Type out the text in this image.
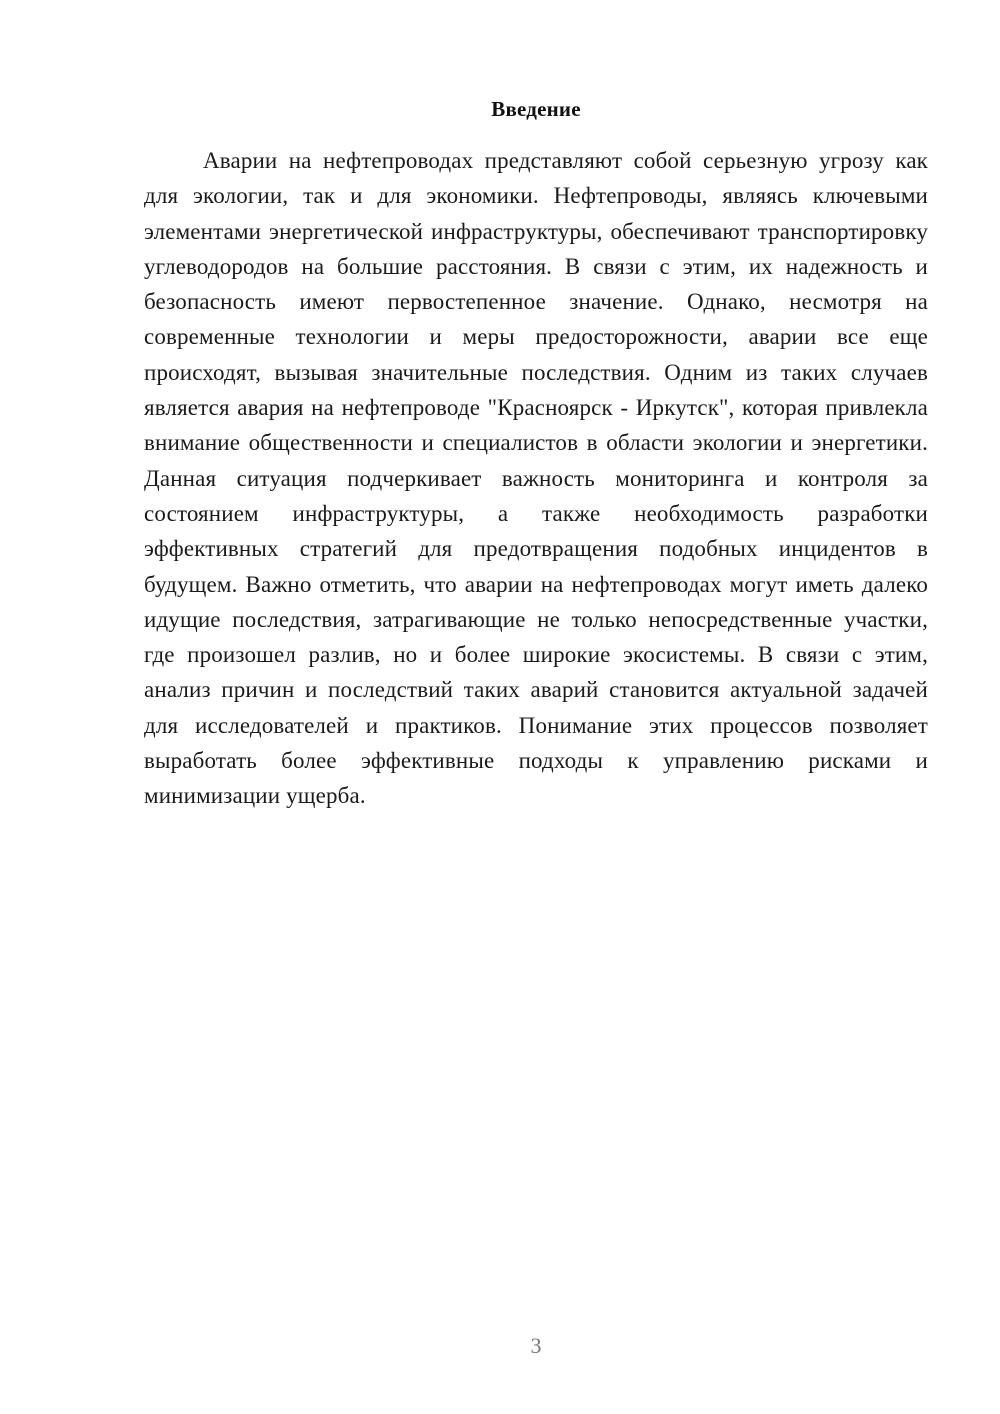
Введение

Аварии на нефтепроводах представляют собой серьезную угрозу как для экологии, так и для экономики. Нефтепроводы, являясь ключевыми элементами энергетической инфраструктуры, обеспечивают транспортировку углеводородов на большие расстояния. В связи с этим, их надежность и безопасность имеют первостепенное значение. Однако, несмотря на современные технологии и меры предосторожности, аварии все еще происходят, вызывая значительные последствия. Одним из таких случаев является авария на нефтепроводе "Красноярск - Иркутск", которая привлекла внимание общественности и специалистов в области экологии и энергетики. Данная ситуация подчеркивает важность мониторинга и контроля за состоянием инфраструктуры, а также необходимость разработки эффективных стратегий для предотвращения подобных инцидентов в будущем. Важно отметить, что аварии на нефтепроводах могут иметь далеко идущие последствия, затрагивающие не только непосредственные участки, где произошел разлив, но и более широкие экосистемы. В связи с этим, анализ причин и последствий таких аварий становится актуальной задачей для исследователей и практиков. Понимание этих процессов позволяет выработать более эффективные подходы к управлению рисками и минимизации ущерба.

3
